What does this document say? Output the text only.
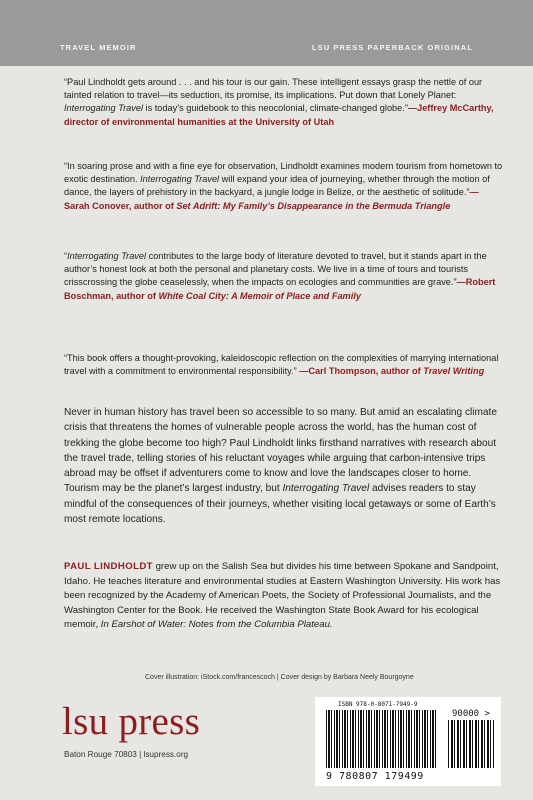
TRAVEL MEMOIR	LSU PRESS PAPERBACK ORIGINAL

“Paul Lindholdt gets around . . . and his tour is our gain. These intelligent essays grasp the nettle of our tainted relation to travel—its seduction, its promise, its implications. Put down that Lonely Planet: Interrogating Travel is today’s guidebook to this neocolonial, climate-changed globe.”—Jeffrey McCarthy, director of environmental humanities at the University of Utah

“In soaring prose and with a fine eye for observation, Lindholdt examines modern tourism from hometown to exotic destination. Interrogating Travel will expand your idea of journeying, whether through the motion of dance, the layers of prehistory in the backyard, a jungle lodge in Belize, or the aesthetic of solitude.”—Sarah Conover, author of Set Adrift: My Family’s Disappearance in the Bermuda Triangle

“Interrogating Travel contributes to the large body of literature devoted to travel, but it stands apart in the author’s honest look at both the personal and planetary costs. We live in a time of tours and tourists crisscrossing the globe ceaselessly, when the impacts on ecologies and communities are grave.”—Robert Boschman, author of White Coal City: A Memoir of Place and Family

“This book offers a thought-provoking, kaleidoscopic reflection on the complexities of marrying international travel with a commitment to environmental responsibility.” —Carl Thompson, author of Travel Writing

Never in human history has travel been so accessible to so many. But amid an escalating climate crisis that threatens the homes of vulnerable people across the world, has the human cost of trekking the globe become too high? Paul Lindholdt links firsthand narratives with research about the travel trade, telling stories of his reluctant voyages while arguing that carbon-intensive trips abroad may be offset if adventurers come to know and love the landscapes closer to home. Tourism may be the planet’s largest industry, but Interrogating Travel advises readers to stay mindful of the consequences of their journeys, whether visiting local getaways or some of Earth’s most remote locations.

PAUL LINDHOLDT grew up on the Salish Sea but divides his time between Spokane and Sandpoint, Idaho. He teaches literature and environmental studies at Eastern Washington University. His work has been recognized by the Academy of American Poets, the Society of Professional Journalists, and the Washington Center for the Book. He received the Washington State Book Award for his ecological memoir, In Earshot of Water: Notes from the Columbia Plateau.

Cover illustration: iStock.com/francescoch | Cover design by Barbara Neely Bourgoyne
lsu press
Baton Rouge 70803 | lsupress.org
ISBN 978-0-8071-7949-9
90000 >
9 780807 179499
